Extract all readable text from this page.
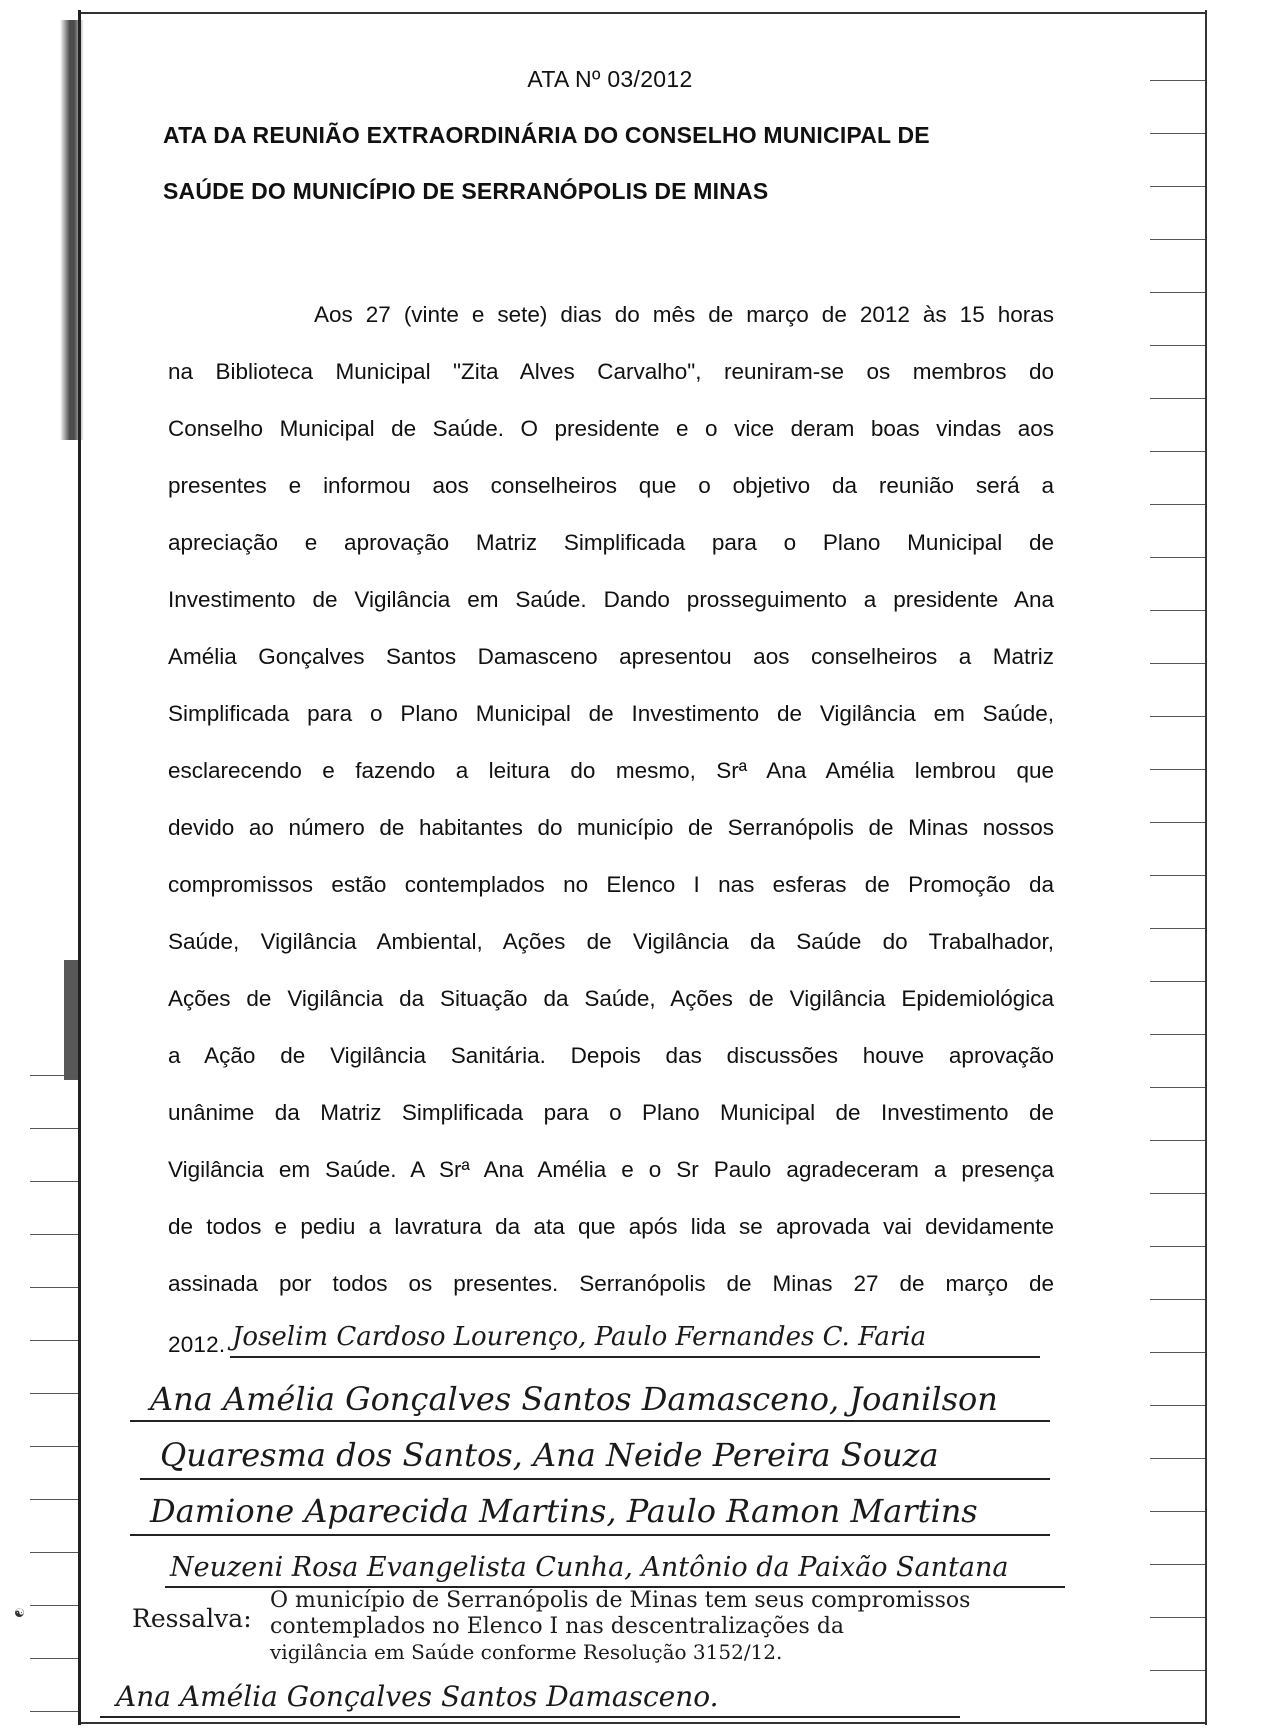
ATA Nº 03/2012
ATA DA REUNIÃO EXTRAORDINÁRIA DO CONSELHO MUNICIPAL DE
SAÚDE DO MUNICÍPIO DE SERRANÓPOLIS DE MINAS
Aos 27 (vinte e sete) dias do mês de março de 2012 às 15 horas
na Biblioteca Municipal "Zita Alves Carvalho", reuniram-se os membros do
Conselho Municipal de Saúde. O presidente e o vice deram boas vindas aos
presentes e informou aos conselheiros que o objetivo da reunião será a
apreciação e aprovação Matriz Simplificada para o Plano Municipal de
Investimento de Vigilância em Saúde. Dando prosseguimento a presidente Ana
Amélia Gonçalves Santos Damasceno apresentou aos conselheiros a Matriz
Simplificada para o Plano Municipal de Investimento de Vigilância em Saúde,
esclarecendo e fazendo a leitura do mesmo, Srª Ana Amélia lembrou que
devido ao número de habitantes do município de Serranópolis de Minas nossos
compromissos estão contemplados no Elenco I nas esferas de Promoção da
Saúde, Vigilância Ambiental, Ações de Vigilância da Saúde do Trabalhador,
Ações de Vigilância da Situação da Saúde, Ações de Vigilância Epidemiológica
a Ação de Vigilância Sanitária. Depois das discussões houve aprovação
unânime da Matriz Simplificada para o Plano Municipal de Investimento de
Vigilância em Saúde. A Srª Ana Amélia e o Sr Paulo agradeceram a presença
de todos e pediu a lavratura da ata que após lida se aprovada vai devidamente
assinada por todos os presentes. Serranópolis de Minas 27 de março de
2012. Joselim Cardoso Lourenço, Paulo Fernandes C. Faria
Ana Amélia Gonçalves Santos Damasceno, Joanilson
Quaresma dos Santos, Ana Neide Pereira Souza
Damione Aparecida Martins, Paulo Ramon Martins
Neuzeni Rosa Evangelista Cunha, Antônio da Paixão Santana
Ressalva:
O município de Serranópolis de Minas tem seus compromissos
contemplados no Elenco I nas descentralizações da
vigilância em Saúde conforme Resolução 3152/12.
Ana Amélia Gonçalves Santos Damasceno.
☯
